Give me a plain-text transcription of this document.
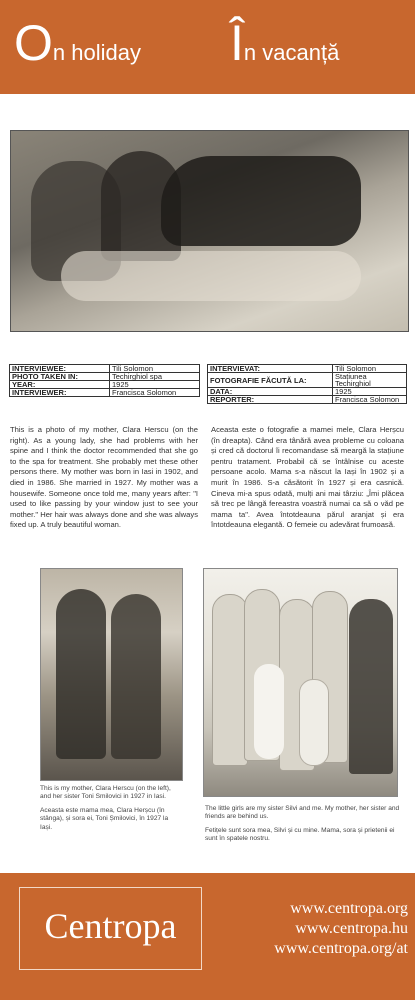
On holiday În vacanță
INTERVIEWEE:	Tili Solomon
PHOTO TAKEN IN:	Techirghiol spa
YEAR:	1925
INTERVIEWER:	Francisca Solomon
INTERVIEVAT:	Tili Solomon
FOTOGRAFIE FĂCUTĂ LA:	Stațiunea Techirghiol
DATA:	1925
REPORTER:	Francisca Solomon
This is a photo of my mother, Clara Herscu (on the right). As a young lady, she had problems with her spine and I think the doctor recommended that she go to the spa for treatment. She probably met these other persons there. My mother was born in Iasi in 1902, and died in 1986. She married in 1927. My mother was a housewife. Someone once told me, many years after: "I used to like passing by your window just to see your mother." Her hair was always done and she was always fixed up. A truly beautiful woman.
Aceasta este o fotografie a mamei mele, Clara Herșcu (în dreapta). Când era tânără avea probleme cu coloana și cred că doctorul îi recomandase să meargă la stațiune pentru tratament. Probabil că se întâlnise cu aceste persoane acolo. Mama s-a născut la Iași în 1902 și a murit în 1986. S-a căsătorit în 1927 și era casnică. Cineva mi-a spus odată, mulți ani mai târziu: „Îmi plăcea să trec pe lângă fereastra voastră numai ca să o văd pe mama ta". Avea întotdeauna părul aranjat și era întotdeauna elegantă. O femeie cu adevărat frumoasă.

This is my mother, Clara Herscu (on the left), and her sister Toni Smilovici in 1927 in Iasi.

Aceasta este mama mea, Clara Herșcu (în stânga), și sora ei, Toni Șmilovici, în 1927 la Iași.

The little girls are my sister Silvi and me. My mother, her sister and friends are behind us.

Fetițele sunt sora mea, Silvi și cu mine. Mama, sora și prietenii ei sunt în spatele nostru.

Centropa	www.centropa.org
www.centropa.hu
www.centropa.org/at
